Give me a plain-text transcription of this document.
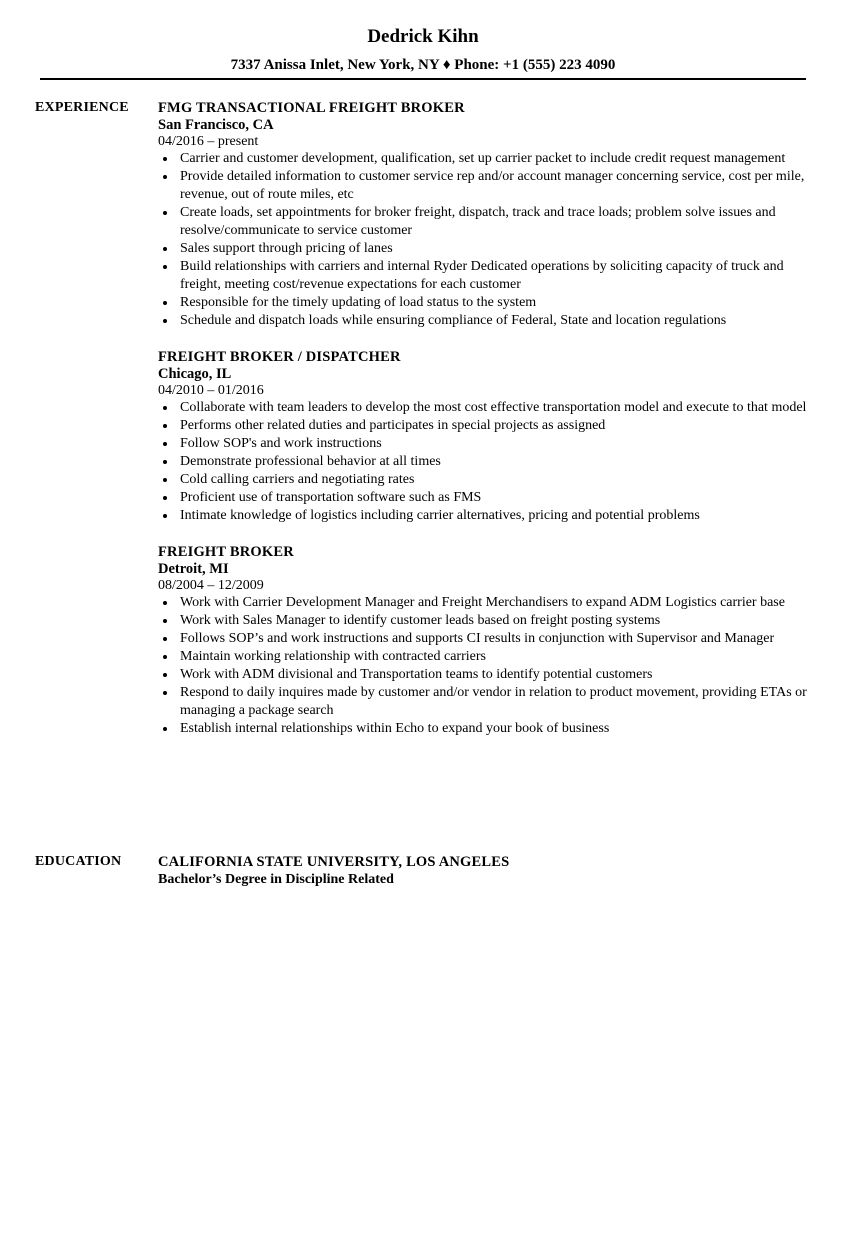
Dedrick Kihn
7337 Anissa Inlet, New York, NY ♦ Phone: +1 (555) 223 4090
EXPERIENCE FMG TRANSACTIONAL FREIGHT BROKER
San Francisco, CA
04/2016 – present
Carrier and customer development, qualification, set up carrier packet to include credit request management
Provide detailed information to customer service rep and/or account manager concerning service, cost per mile, revenue, out of route miles, etc
Create loads, set appointments for broker freight, dispatch, track and trace loads; problem solve issues and resolve/communicate to service customer
Sales support through pricing of lanes
Build relationships with carriers and internal Ryder Dedicated operations by soliciting capacity of truck and freight, meeting cost/revenue expectations for each customer
Responsible for the timely updating of load status to the system
Schedule and dispatch loads while ensuring compliance of Federal, State and location regulations
FREIGHT BROKER / DISPATCHER
Chicago, IL
04/2010 – 01/2016
Collaborate with team leaders to develop the most cost effective transportation model and execute to that model
Performs other related duties and participates in special projects as assigned
Follow SOP's and work instructions
Demonstrate professional behavior at all times
Cold calling carriers and negotiating rates
Proficient use of transportation software such as FMS
Intimate knowledge of logistics including carrier alternatives, pricing and potential problems
FREIGHT BROKER
Detroit, MI
08/2004 – 12/2009
Work with Carrier Development Manager and Freight Merchandisers to expand ADM Logistics carrier base
Work with Sales Manager to identify customer leads based on freight posting systems
Follows SOP’s and work instructions and supports CI results in conjunction with Supervisor and Manager
Maintain working relationship with contracted carriers
Work with ADM divisional and Transportation teams to identify potential customers
Respond to daily inquires made by customer and/or vendor in relation to product movement, providing ETAs or managing a package search
Establish internal relationships within Echo to expand your book of business
EDUCATION	CALIFORNIA STATE UNIVERSITY, LOS ANGELES
Bachelor’s Degree in Discipline Related
